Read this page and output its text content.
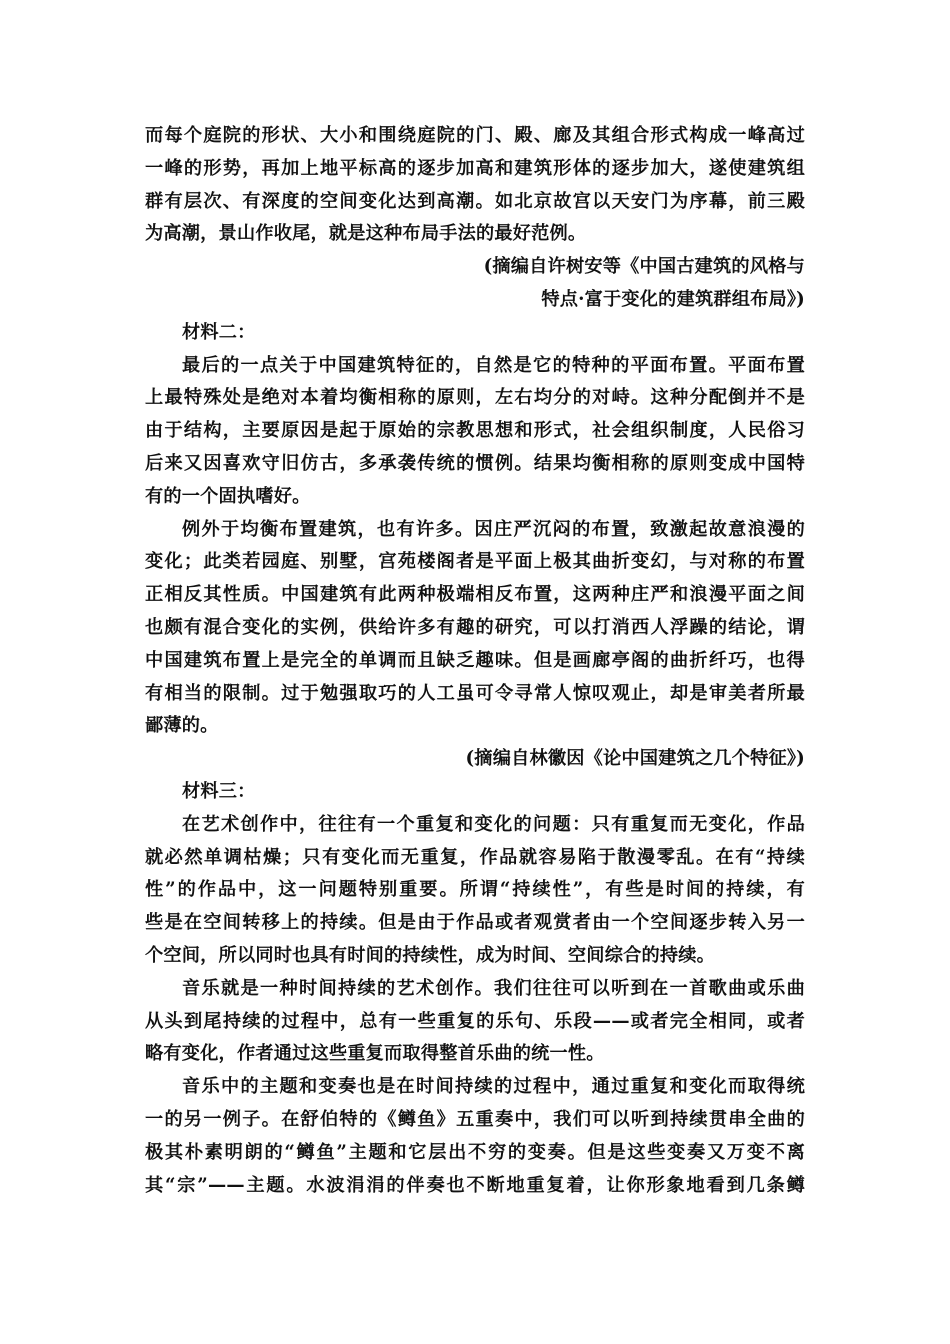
而每个庭院的形状、大小和围绕庭院的门、殿、廊及其组合形式构成一峰高过
一峰的形势，再加上地平标高的逐步加高和建筑形体的逐步加大，遂使建筑组
群有层次、有深度的空间变化达到高潮。如北京故宫以天安门为序幕，前三殿
为高潮，景山作收尾，就是这种布局手法的最好范例。
(摘编自许树安等《中国古建筑的风格与
特点·富于变化的建筑群组布局》)
材料二：
最后的一点关于中国建筑特征的，自然是它的特种的平面布置。平面布置
上最特殊处是绝对本着均衡相称的原则，左右均分的对峙。这种分配倒并不是
由于结构，主要原因是起于原始的宗教思想和形式，社会组织制度，人民俗习
后来又因喜欢守旧仿古，多承袭传统的惯例。结果均衡相称的原则变成中国特
有的一个固执嗜好。
例外于均衡布置建筑，也有许多。因庄严沉闷的布置，致激起故意浪漫的
变化；此类若园庭、别墅，宫苑楼阁者是平面上极其曲折变幻，与对称的布置
正相反其性质。中国建筑有此两种极端相反布置，这两种庄严和浪漫平面之间
也颇有混合变化的实例，供给许多有趣的研究，可以打消西人浮躁的结论，谓
中国建筑布置上是完全的单调而且缺乏趣味。但是画廊亭阁的曲折纤巧，也得
有相当的限制。过于勉强取巧的人工虽可令寻常人惊叹观止，却是审美者所最
鄙薄的。
(摘编自林徽因《论中国建筑之几个特征》)
材料三：
在艺术创作中，往往有一个重复和变化的问题：只有重复而无变化，作品
就必然单调枯燥；只有变化而无重复，作品就容易陷于散漫零乱。在有“持续
性”的作品中，这一问题特别重要。所谓“持续性”，有些是时间的持续，有
些是在空间转移上的持续。但是由于作品或者观赏者由一个空间逐步转入另一
个空间，所以同时也具有时间的持续性，成为时间、空间综合的持续。
音乐就是一种时间持续的艺术创作。我们往往可以听到在一首歌曲或乐曲
从头到尾持续的过程中，总有一些重复的乐句、乐段——或者完全相同，或者
略有变化，作者通过这些重复而取得整首乐曲的统一性。
音乐中的主题和变奏也是在时间持续的过程中，通过重复和变化而取得统
一的另一例子。在舒伯特的《鳟鱼》五重奏中，我们可以听到持续贯串全曲的
极其朴素明朗的“鳟鱼”主题和它层出不穷的变奏。但是这些变奏又万变不离
其“宗”——主题。水波涓涓的伴奏也不断地重复着，让你形象地看到几条鳟
